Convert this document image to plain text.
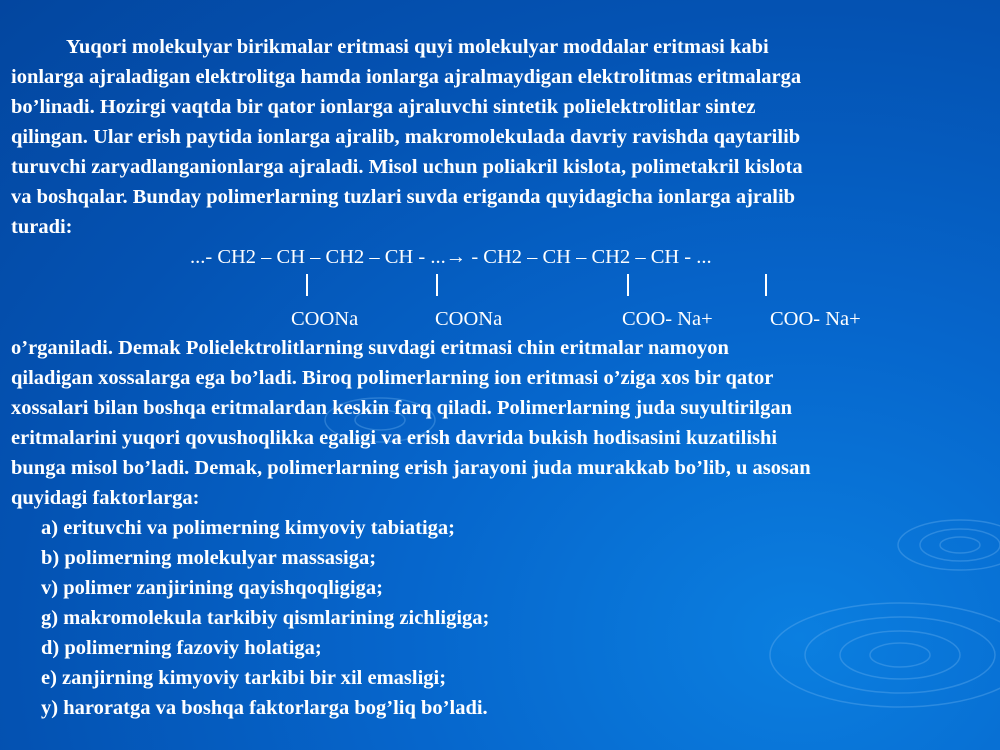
Yuqori molekulyar birikmalar eritmasi quyi molekulyar moddalar eritmasi kabi
ionlarga ajraladigan elektrolitga hamda ionlarga ajralmaydigan elektrolitmas eritmalarga
bo’linadi. Hozirgi vaqtda bir qator ionlarga ajraluvchi sintetik polielektrolitlar sintez
qilingan. Ular erish paytida ionlarga ajralib, makromolekulada davriy ravishda qaytarilib
turuvchi zaryadlanganionlarga ajraladi. Misol uchun poliakril kislota, polimetakril kislota
va boshqalar. Bunday polimerlarning tuzlari suvda eriganda quyidagicha ionlarga ajralib
turadi:
...- CH2 – CH – CH2 – CH - ...→ - CH2 – CH – CH2 – CH - ...
COONa	COONa	COO- Na+	COO- Na+
o’rganiladi. Demak Polielektrolitlarning suvdagi eritmasi chin eritmalar namoyon
qiladigan xossalarga ega bo’ladi. Biroq polimerlarning ion eritmasi o’ziga xos bir qator
xossalari bilan boshqa eritmalardan keskin farq qiladi. Polimerlarning juda suyultirilgan
eritmalarini yuqori qovushoqlikka egaligi va erish davrida bukish hodisasini kuzatilishi
bunga misol bo’ladi. Demak, polimerlarning erish jarayoni juda murakkab bo’lib, u asosan
quyidagi faktorlarga:
a) erituvchi va polimerning kimyoviy tabiatiga;
b) polimerning molekulyar massasiga;
v) polimer zanjirining qayishqoqligiga;
g) makromolekula tarkibiy qismlarining zichligiga;
d) polimerning fazoviy holatiga;
e) zanjirning kimyoviy tarkibi bir xil emasligi;
y) haroratga va boshqa faktorlarga bog’liq bo’ladi.
